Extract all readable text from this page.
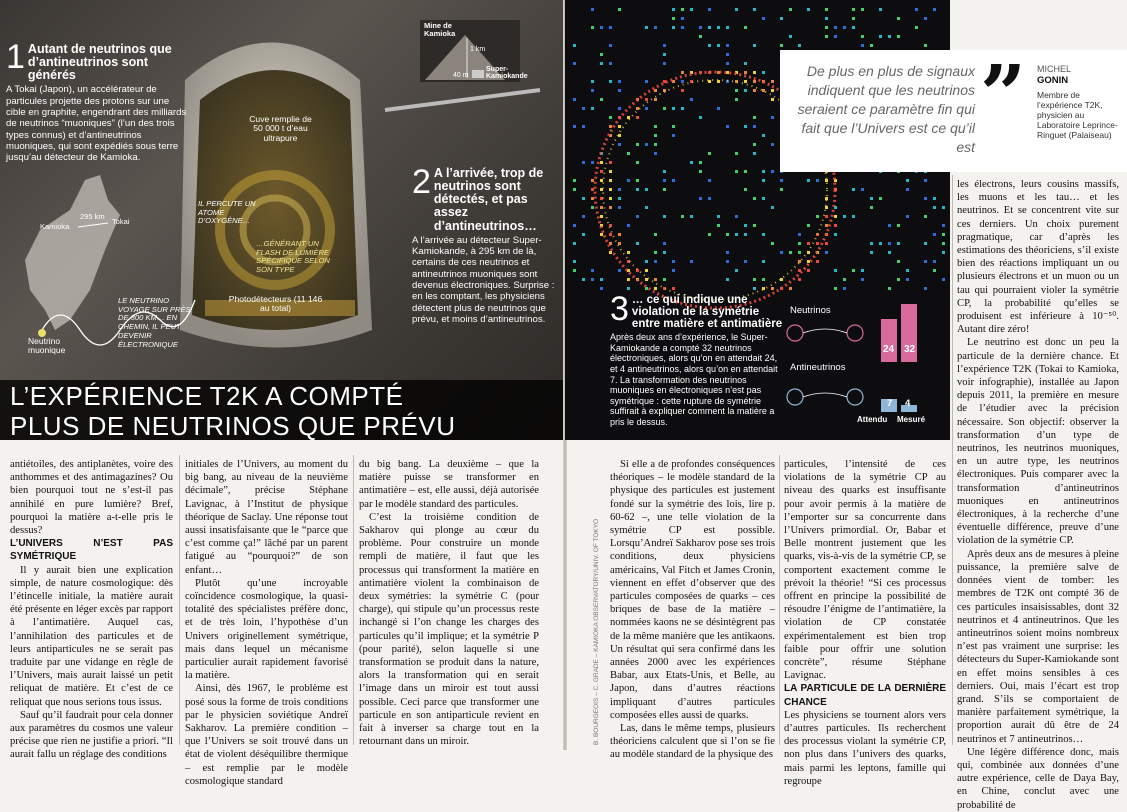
1 Autant de neutrinos que d’antineutrinos sont générés
A Tokai (Japon), un accélérateur de particules projette des protons sur une cible en graphite, engendrant des milliards de neutrinos “muoniques” (l’un des trois types connus) et d’antineutrinos muoniques, qui sont expédiés sous terre jusqu’au détecteur de Kamioka.
Mine de Kamioka
1 km
40 m
Super-Kamiokande
Cuve remplie de 50 000 t d’eau ultrapure
IL PERCUTE UN ATOME D’OXYGÈNE…
…GÉNÉRANT UN FLASH DE LUMIÈRE SPÉCIFIQUE SELON SON TYPE
Photodétecteurs (11 146 au total)
295 km
Tokai
Kamioka
LE NEUTRINO VOYAGE SUR PRÈS DE 300 KM… EN CHEMIN, IL PEUT DEVENIR ÉLECTRONIQUE
Neutrino muonique
2 A l’arrivée, trop de neutrinos sont détectés, et pas assez d’antineutrinos…
A l’arrivée au détecteur Super-Kamiokande, à 295 km de là, certains de ces neutrinos et antineutrinos muoniques sont devenus électroniques. Surprise : en les comptant, les physiciens détectent plus de neutrinos que prévu, et moins d’antineutrinos.
L’EXPÉRIENCE T2K A COMPTÉ
PLUS DE NEUTRINOS QUE PRÉVU
3 … ce qui indique une violation de la symétrie entre matière et antimatière
Après deux ans d’expérience, le Super-Kamiokande a compté 32 neutrinos électroniques, alors qu’on en attendait 24, et 4 antineutrinos, alors qu’on en attendait 7. La transformation des neutrinos muoniques en électroniques n’est pas symétrique : cette rupture de symétrie suffirait à expliquer comment la matière a pris le dessus.
Neutrinos
Antineutrinos
24 32
7 4
Attendu Mesuré
De plus en plus de signaux indiquent que les neutrinos seraient ce paramètre fin qui fait que l’Univers est ce qu’il est
” MICHEL
GONIN
Membre de l’expérience T2K, physicien au Laboratoire Leprince-Ringuet (Palaiseau)

antiétoiles, des antiplanètes, voire des anthommes et des antimagazines? Ou bien pourquoi tout ne s’est-il pas annihilé en pure lumière? Bref, pourquoi la matière a-t-elle pris le dessus?

L’UNIVERS N’EST PAS SYMÉTRIQUE

Il y aurait bien une explication simple, de nature cosmologique: dès l’étincelle initiale, la matière aurait été présente en léger excès par rapport à l’antimatière. Auquel cas, l’annihilation des particules et de leurs antiparticules ne se serait pas traduite par une vidange en règle de l’Univers, mais aurait laissé un petit reliquat de matière. Et c’est de ce reliquat que nous serions tous issus.

Sauf qu’il faudrait pour cela donner aux paramètres du cosmos une valeur précise que rien ne justifie a priori. “Il aurait fallu un réglage des conditions

initiales de l’Univers, au moment du big bang, au niveau de la neuvième décimale”, précise Stéphane Lavignac, à l’Institut de physique théorique de Saclay. Une réponse tout aussi insatisfaisante que le “parce que c’est comme ça!” lâché par un parent fatigué au “pourquoi?” de son enfant…

Plutôt qu’une incroyable coïncidence cosmologique, la quasi-totalité des spécialistes préfère donc, et de très loin, l’hypothèse d’un Univers originellement symétrique, mais dans lequel un mécanisme particulier aurait rapidement favorisé la matière.

Ainsi, dès 1967, le problème est posé sous la forme de trois conditions par le physicien soviétique Andreï Sakharov. La première condition – que l’Univers se soit trouvé dans un état de violent déséquilibre thermique – est remplie par le modèle cosmologique standard

du big bang. La deuxième – que la matière puisse se transformer en antimatière – est, elle aussi, déjà autorisée par le modèle standard des particules.

C’est la troisième condition de Sakharov qui plonge au cœur du problème. Pour construire un monde rempli de matière, il faut que les processus qui transforment la matière en antimatière violent la combinaison de deux symétries: la symétrie C (pour charge), qui stipule qu’un processus reste inchangé si l’on change les charges des particules qu’il implique; et la symétrie P (pour parité), selon laquelle si une transformation se produit dans la nature, alors la transformation qui en serait l’image dans un miroir est tout aussi possible. Ceci parce que transformer une particule en son antiparticule revient en fait à inverser sa charge tout en la retournant dans un miroir.	B. BOURGEOIS – C. GRADE – KAMIOKA OBSERVATORY/UNIV. OF TOKYO

Si elle a de profondes conséquences théoriques – le modèle standard de la physique des particules est justement fondé sur la symétrie des lois, lire p. 60-62 –, une telle violation de la symétrie CP est possible. Lorsqu’Andreï Sakharov pose ses trois conditions, deux physiciens américains, Val Fitch et James Cronin, viennent en effet d’observer que des particules composées de quarks – ces briques de base de la matière – nommées kaons ne se désintègrent pas de la même manière que les antikaons. Un résultat qui sera confirmé dans les années 2000 avec les expériences Babar, aux Etats-Unis, et Belle, au Japon, dans d’autres réactions impliquant d’autres particules composées elles aussi de quarks.

Las, dans le même temps, plusieurs théoriciens calculent que si l’on se fie au modèle standard de la physique des

particules, l’intensité de ces violations de la symétrie CP au niveau des quarks est insuffisante pour avoir permis à la matière de l’emporter sur sa concurrente dans l’Univers primordial. Or, Babar et Belle montrent justement que les quarks, vis-à-vis de la symétrie CP, se comportent exactement comme le prévoit la théorie! “Si ces processus offrent en principe la possibilité de résoudre l’énigme de l’antimatière, la violation de CP constatée expérimentalement est bien trop faible pour offrir une solution concrète”, résume Stéphane Lavignac.

LA PARTICULE DE LA DERNIÈRE CHANCE

Les physiciens se tournent alors vers d’autres particules. Ils recherchent des processus violant la symétrie CP, non plus dans l’univers des quarks, mais parmi les leptons, famille qui regroupe

les électrons, leurs cousins massifs, les muons et les tau… et les neutrinos. Et se concentrent vite sur ces derniers. Un choix purement pragmatique, car d’après les estimations des théoriciens, s’il existe bien des réactions impliquant un ou plusieurs électrons et un muon ou un tau qui pourraient violer la symétrie CP, la probabilité qu’elles se produisent est inférieure à 10⁻⁵⁰. Autant dire zéro!

Le neutrino est donc un peu la particule de la dernière chance. Et l’expérience T2K (Tokai to Kamioka, voir infographie), installée au Japon depuis 2011, la première en mesure de l’étudier avec la précision nécessaire. Son objectif: observer la transformation d’un type de neutrinos, les neutrinos muoniques, en un autre type, les neutrinos électroniques. Puis comparer avec la transformation d’antineutrinos muoniques en antineutrinos électroniques, à la recherche d’une éventuelle différence, preuve d’une violation de la symétrie CP.

Après deux ans de mesures à pleine puissance, la première salve de données vient de tomber: les membres de T2K ont compté 36 de ces particules insaisissables, dont 32 neutrinos et 4 antineutrinos. Que les antineutrinos soient moins nombreux n’est pas vraiment une surprise: les détecteurs du Super-Kamiokande sont en effet moins sensibles à ces derniers. Oui, mais l’écart est trop grand. S’ils se comportaient de manière parfaitement symétrique, la proportion aurait dû être de 24 neutrinos et 7 antineutrinos…

Une légère différence donc, mais qui, combinée aux données d’une autre expérience, celle de Daya Bay, en Chine, conclut avec une probabilité de
